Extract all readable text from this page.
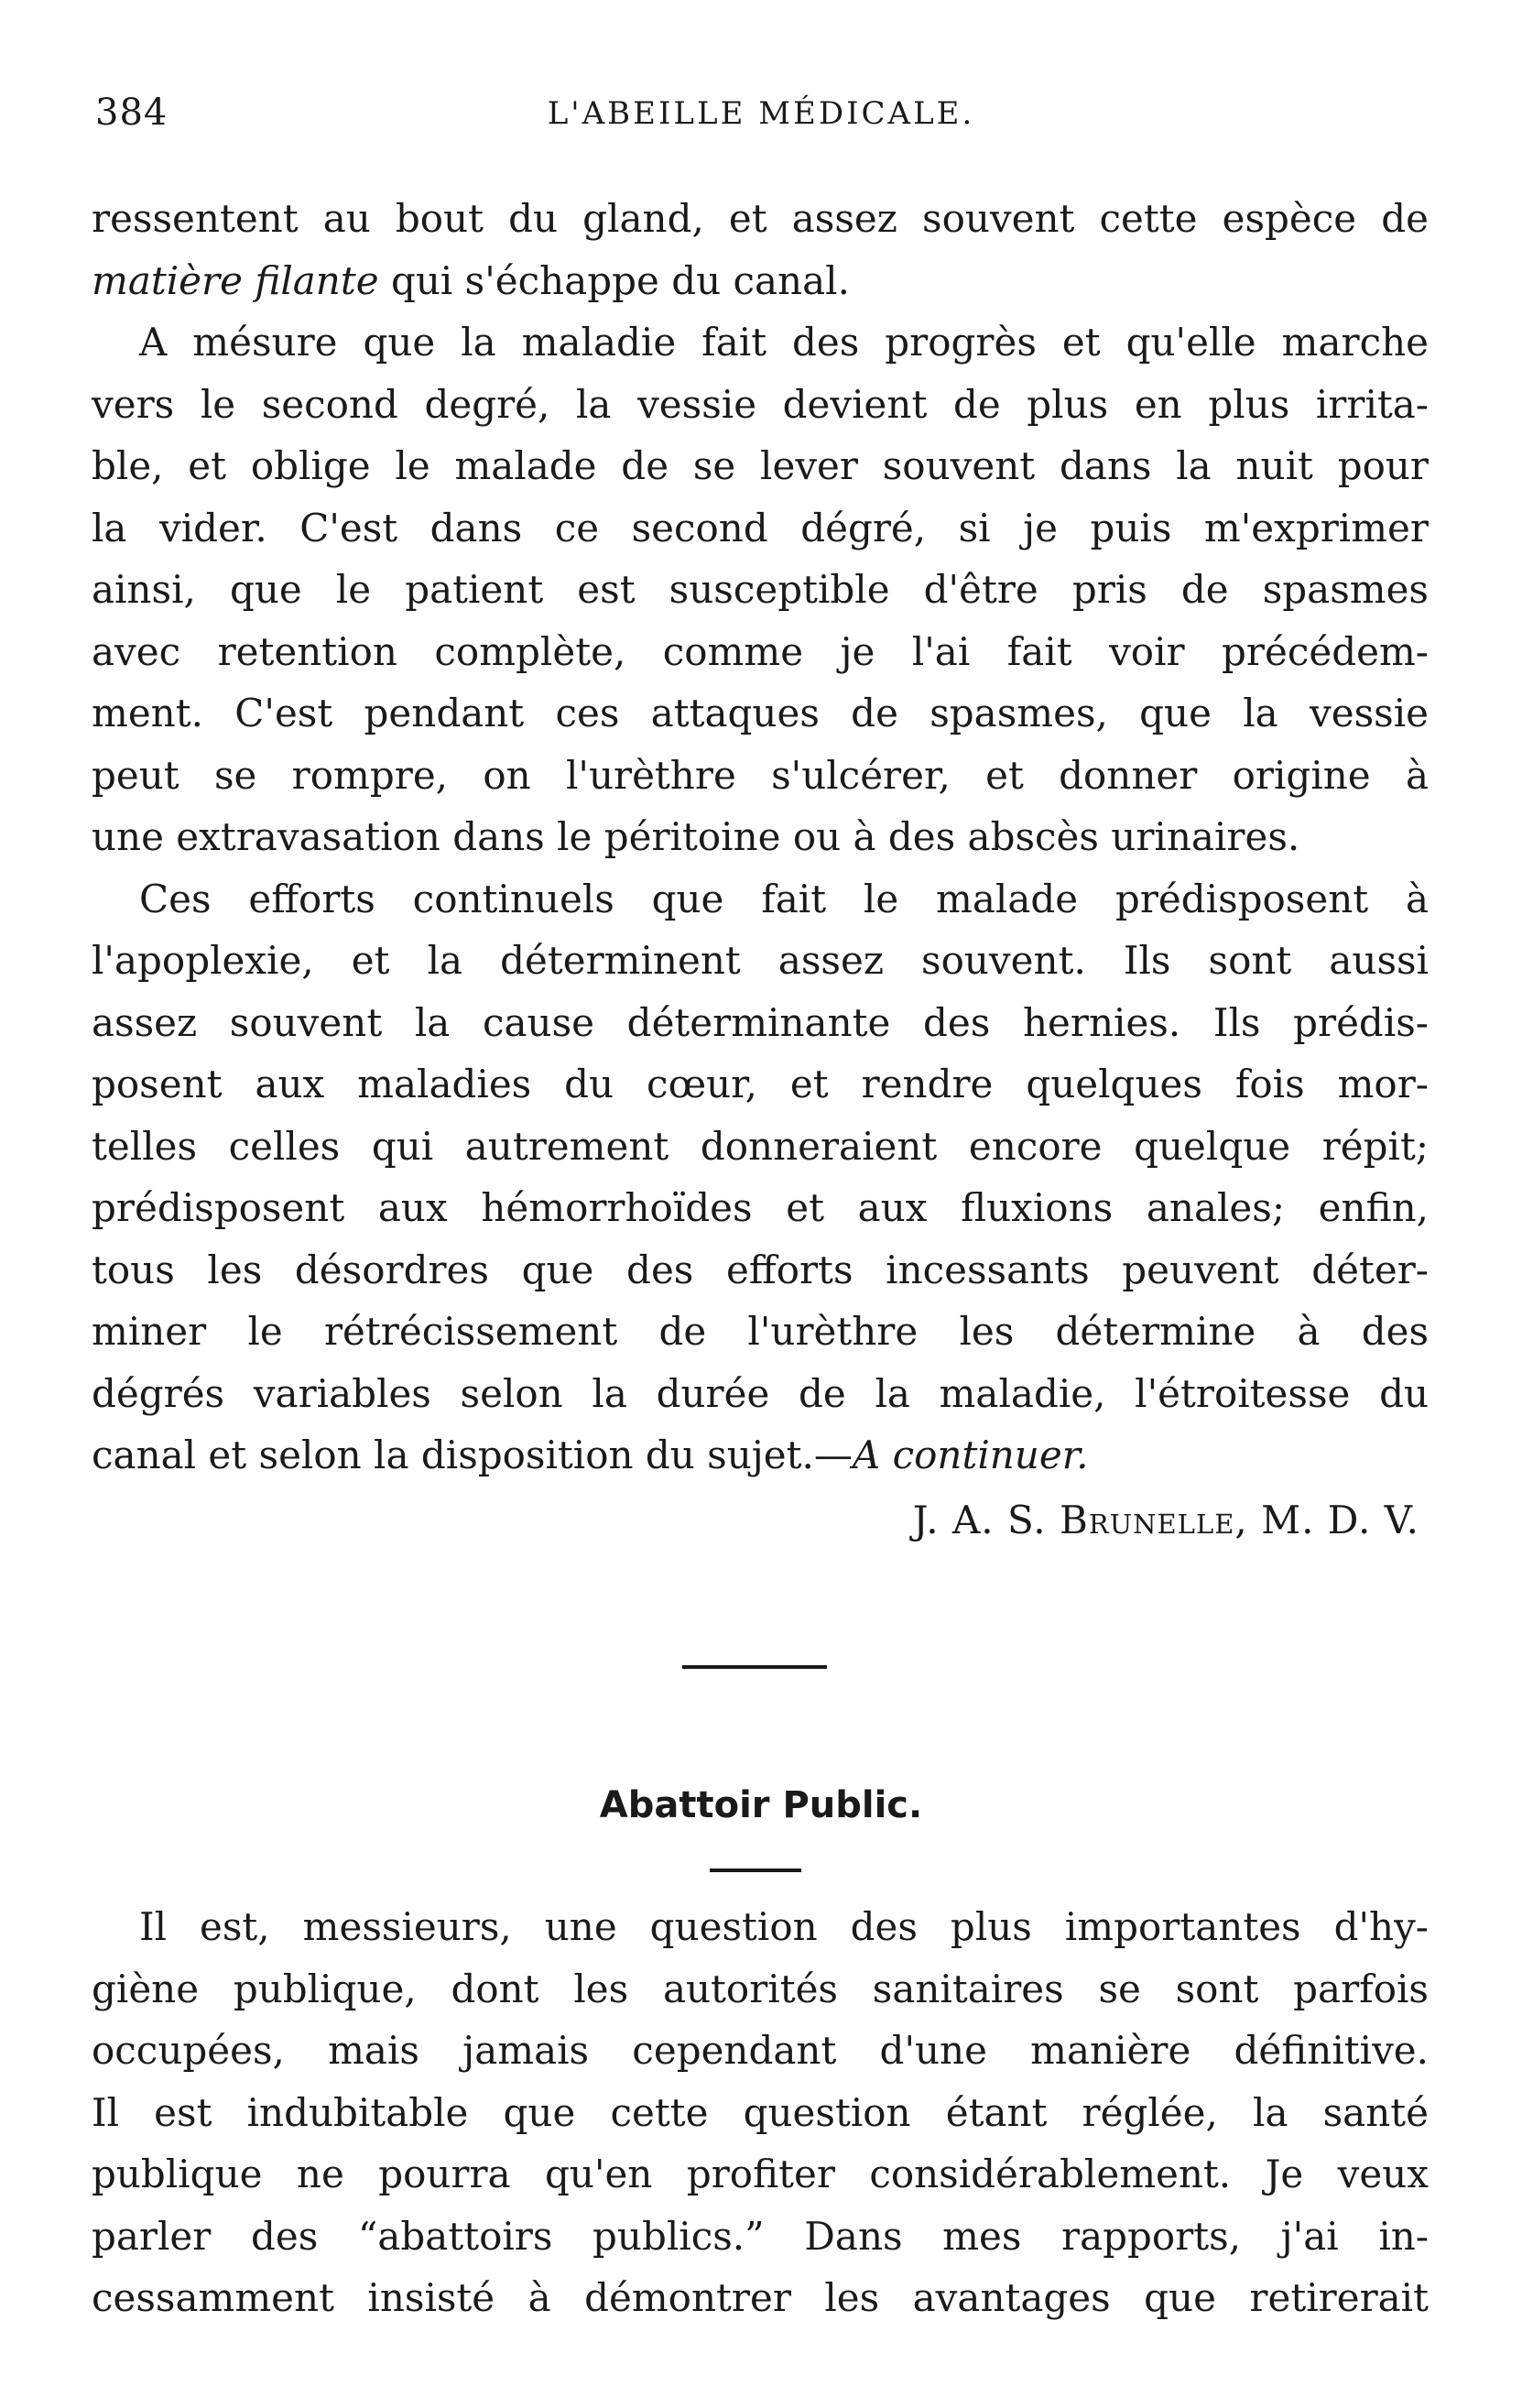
384	L'ABEILLE MÉDICALE.
ressentent au bout du gland, et assez souvent cette espèce de
matière filante qui s'échappe du canal.
A mésure que la maladie fait des progrès et qu'elle marche
vers le second degré, la vessie devient de plus en plus irrita-
ble, et oblige le malade de se lever souvent dans la nuit pour
la vider. C'est dans ce second dégré, si je puis m'exprimer
ainsi, que le patient est susceptible d'être pris de spasmes
avec retention complète, comme je l'ai fait voir précédem-
ment. C'est pendant ces attaques de spasmes, que la vessie
peut se rompre, on l'urèthre s'ulcérer, et donner origine à
une extravasation dans le péritoine ou à des abscès urinaires.
Ces efforts continuels que fait le malade prédisposent à
l'apoplexie, et la déterminent assez souvent. Ils sont aussi
assez souvent la cause déterminante des hernies. Ils prédis-
posent aux maladies du cœur, et rendre quelques fois mor-
telles celles qui autrement donneraient encore quelque répit;
prédisposent aux hémorrhoïdes et aux fluxions anales; enfin,
tous les désordres que des efforts incessants peuvent déter-
miner le rétrécissement de l'urèthre les détermine à des
dégrés variables selon la durée de la maladie, l'étroitesse du
canal et selon la disposition du sujet.—A continuer.
J. A. S. Brunelle, M. D. V.
Abattoir Public.
Il est, messieurs, une question des plus importantes d'hy-
giène publique, dont les autorités sanitaires se sont parfois
occupées, mais jamais cependant d'une manière définitive.
Il est indubitable que cette question étant réglée, la santé
publique ne pourra qu'en profiter considérablement. Je veux
parler des “abattoirs publics.” Dans mes rapports, j'ai in-
cessamment insisté à démontrer les avantages que retirerait
